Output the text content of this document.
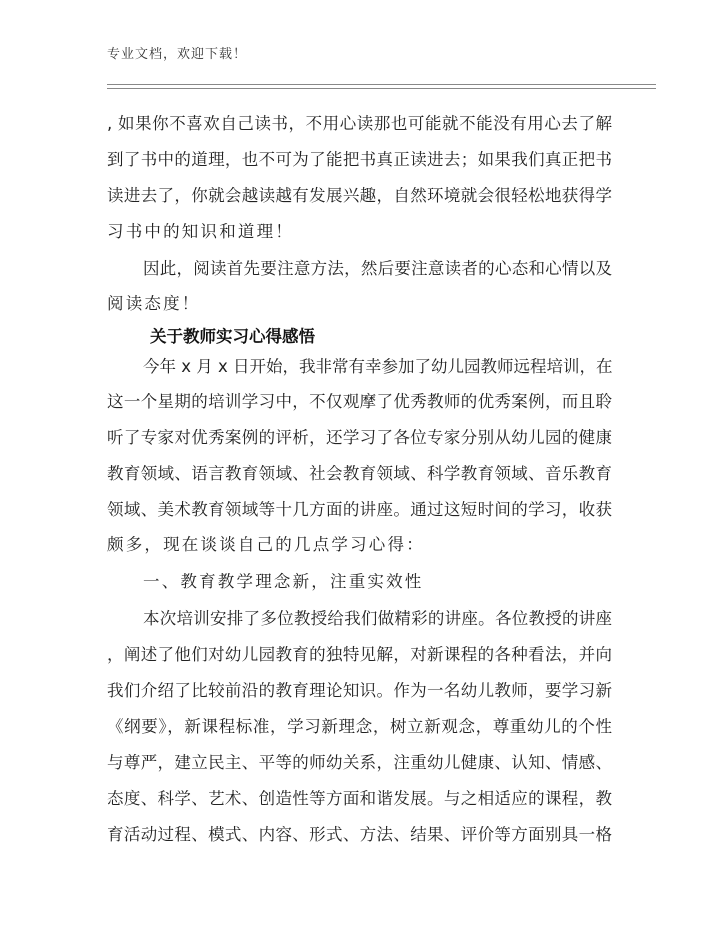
专业文档，欢迎下载！
, 如果你不喜欢自己读书，不用心读那也可能就不能没有用心去了解
到了书中的道理，也不可为了能把书真正读进去；如果我们真正把书
读进去了，你就会越读越有发展兴趣，自然环境就会很轻松地获得学
习书中的知识和道理！
因此，阅读首先要注意方法，然后要注意读者的心态和心情以及
阅读态度！
关于教师实习心得感悟
今年 x 月 x 日开始，我非常有幸参加了幼儿园教师远程培训，在
这一个星期的培训学习中，不仅观摩了优秀教师的优秀案例，而且聆
听了专家对优秀案例的评析，还学习了各位专家分别从幼儿园的健康
教育领域、语言教育领域、社会教育领域、科学教育领域、音乐教育
领域、美术教育领域等十几方面的讲座。通过这短时间的学习，收获
颇多，现在谈谈自己的几点学习心得：
一、教育教学理念新，注重实效性
本次培训安排了多位教授给我们做精彩的讲座。各位教授的讲座
，阐述了他们对幼儿园教育的独特见解，对新课程的各种看法，并向
我们介绍了比较前沿的教育理论知识。作为一名幼儿教师，要学习新
《纲要》，新课程标准，学习新理念，树立新观念，尊重幼儿的个性
与尊严，建立民主、平等的师幼关系，注重幼儿健康、认知、情感、
态度、科学、艺术、创造性等方面和谐发展。与之相适应的课程，教
育活动过程、模式、内容、形式、方法、结果、评价等方面别具一格
